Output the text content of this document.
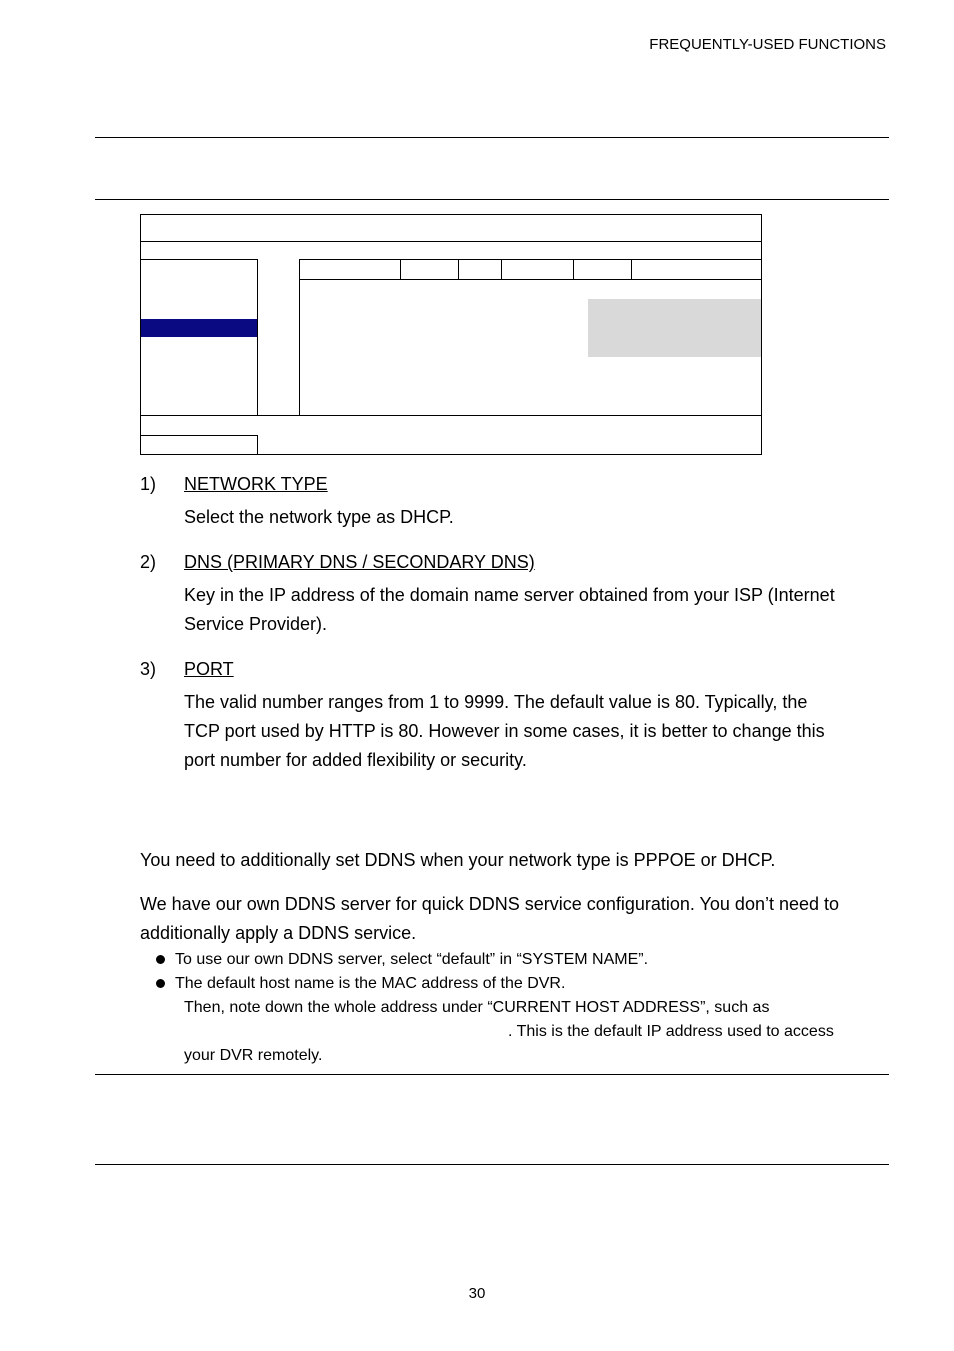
FREQUENTLY-USED FUNCTIONS
1) NETWORK TYPE
Select the network type as DHCP.
2) DNS (PRIMARY DNS / SECONDARY DNS)
Key in the IP address of the domain name server obtained from your ISP (Internet
Service Provider).
3) PORT
The valid number ranges from 1 to 9999. The default value is 80. Typically, the
TCP port used by HTTP is 80. However in some cases, it is better to change this
port number for added flexibility or security.
You need to additionally set DDNS when your network type is PPPOE or DHCP.
We have our own DDNS server for quick DDNS service configuration. You don’t need to
additionally apply a DDNS service.
To use our own DDNS server, select “default” in “SYSTEM NAME”.
The default host name is the MAC address of the DVR.
Then, note down the whole address under “CURRENT HOST ADDRESS”, such as
. This is the default IP address used to access
your DVR remotely.
30
